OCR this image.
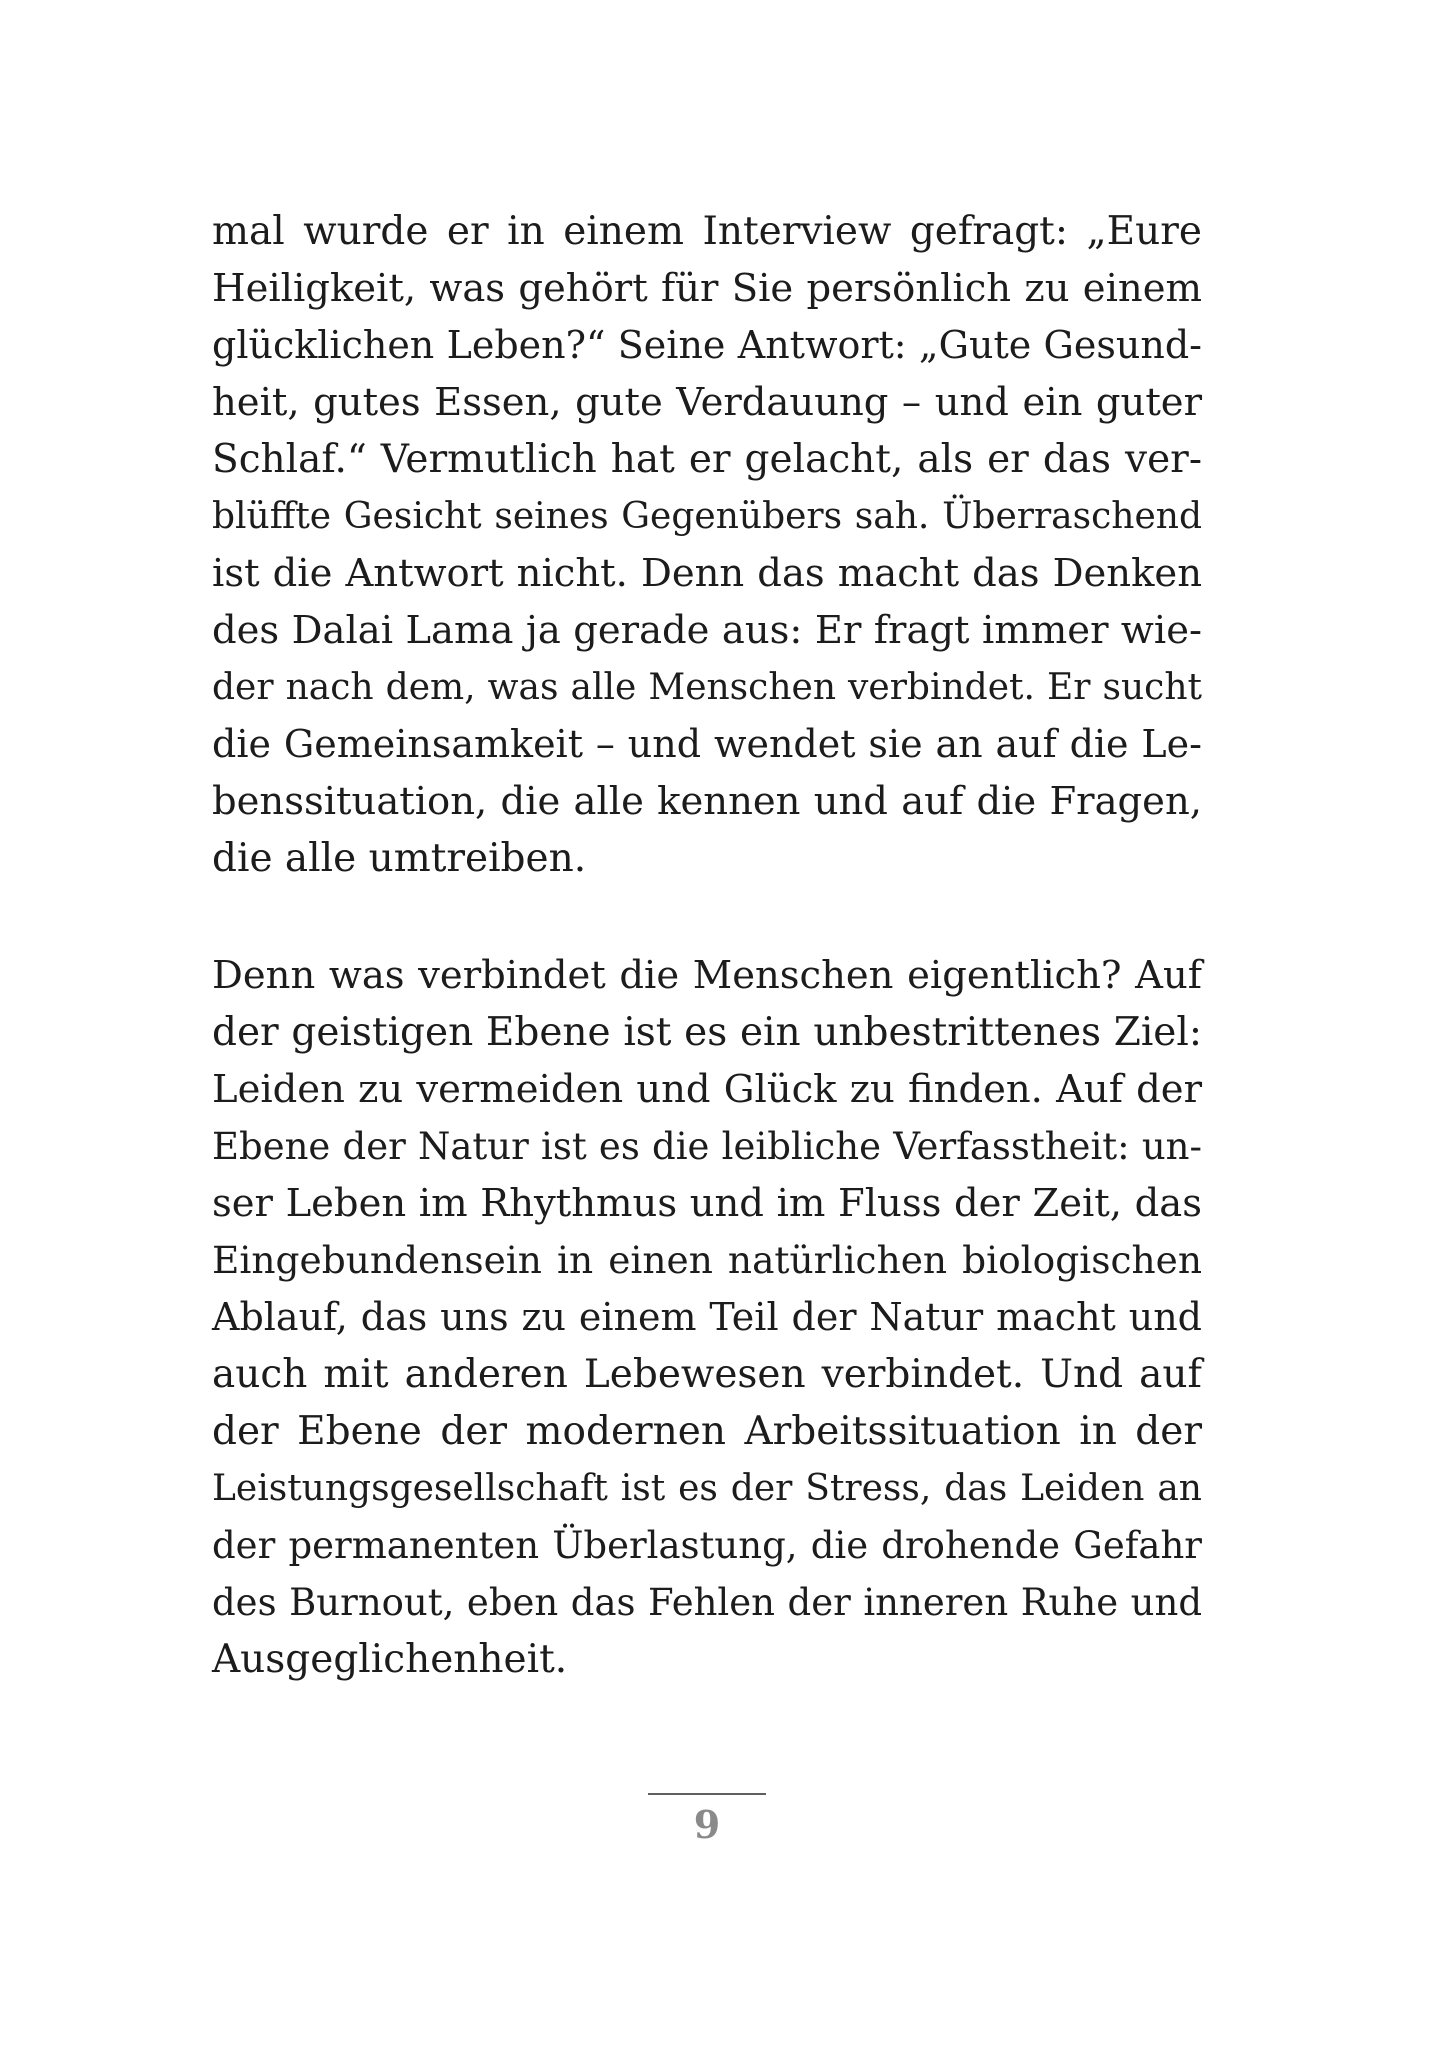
mal wurde er in einem Interview gefragt: „Eure
Heiligkeit, was gehört für Sie persönlich zu einem
glücklichen Leben?“ Seine Antwort: „Gute Gesund-
heit, gutes Essen, gute Verdauung – und ein guter
Schlaf.“ Vermutlich hat er gelacht, als er das ver-
blüffte Gesicht seines Gegenübers sah. Überraschend
ist die Antwort nicht. Denn das macht das Denken
des Dalai Lama ja gerade aus: Er fragt immer wie-
der nach dem, was alle Menschen verbindet. Er sucht
die Gemeinsamkeit – und wendet sie an auf die Le-
benssituation, die alle kennen und auf die Fragen,
die alle umtreiben.
Denn was verbindet die Menschen eigentlich? Auf
der geistigen Ebene ist es ein unbestrittenes Ziel:
Leiden zu vermeiden und Glück zu finden. Auf der
Ebene der Natur ist es die leibliche Verfasstheit: un-
ser Leben im Rhythmus und im Fluss der Zeit, das
Eingebundensein in einen natürlichen biologischen
Ablauf, das uns zu einem Teil der Natur macht und
auch mit anderen Lebewesen verbindet. Und auf
der Ebene der modernen Arbeitssituation in der
Leistungsgesellschaft ist es der Stress, das Leiden an
der permanenten Überlastung, die drohende Gefahr
des Burnout, eben das Fehlen der inneren Ruhe und
Ausgeglichenheit.
9
